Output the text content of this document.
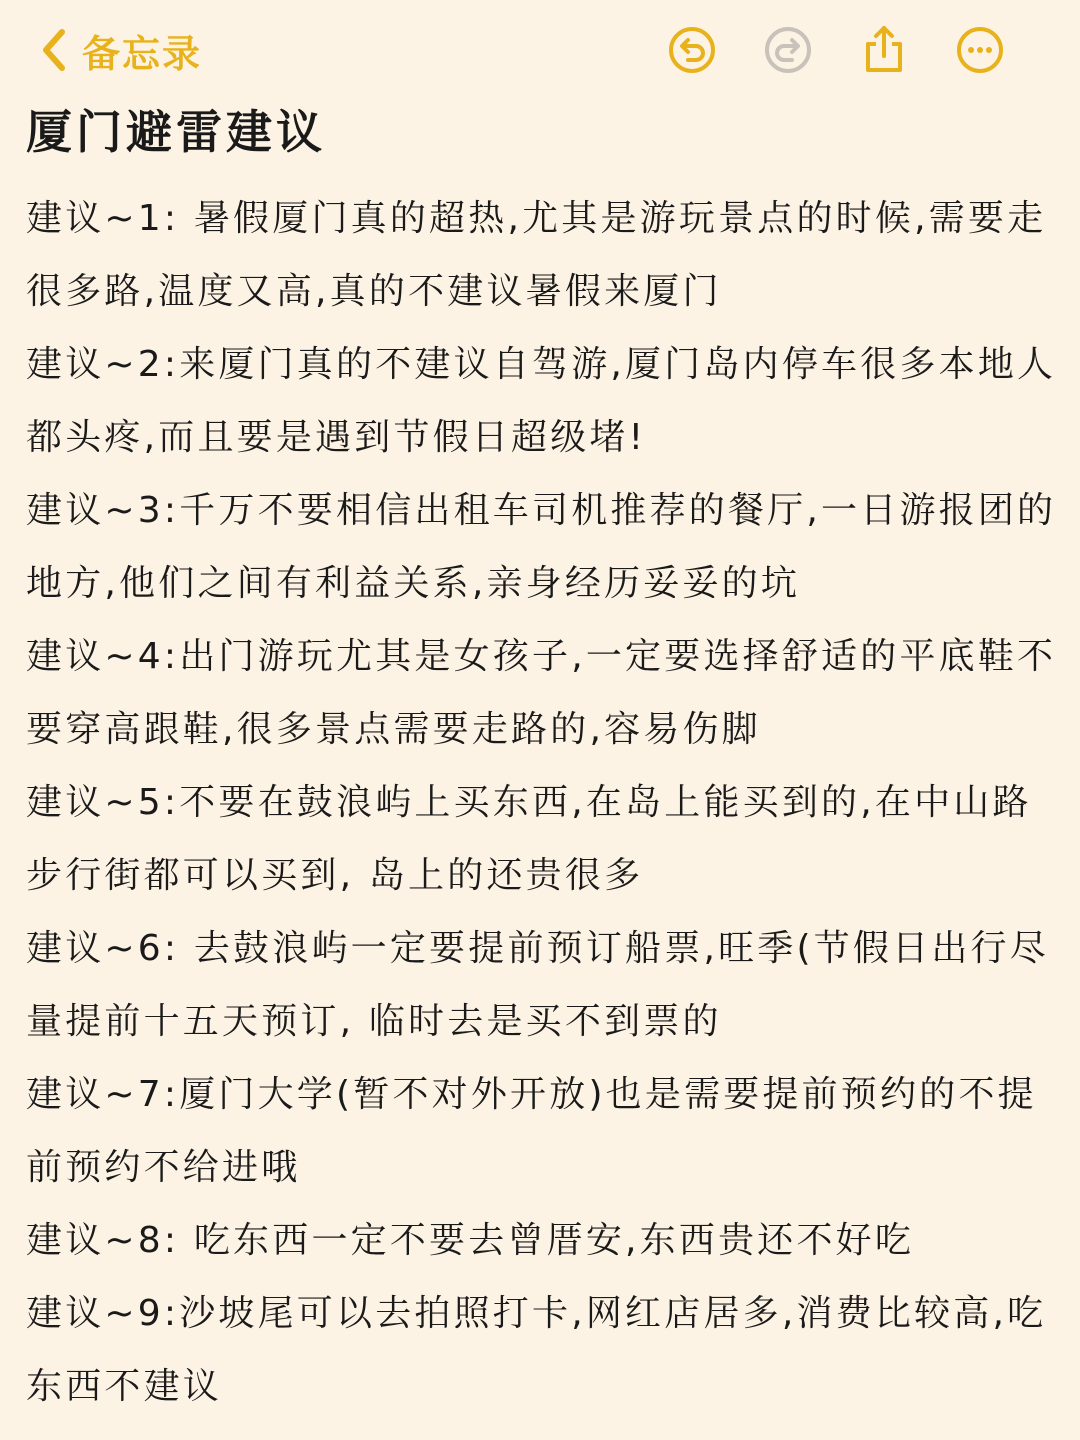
备忘录
厦门避雷建议

建议~1: 暑假厦门真的超热,尤其是游玩景点的时候,需要走很多路,温度又高,真的不建议暑假来厦门

建议~2:来厦门真的不建议自驾游,厦门岛内停车很多本地人都头疼,而且要是遇到节假日超级堵!

建议~3:千万不要相信出租车司机推荐的餐厅,一日游报团的地方,他们之间有利益关系,亲身经历妥妥的坑

建议~4:出门游玩尤其是女孩子,一定要选择舒适的平底鞋不要穿高跟鞋,很多景点需要走路的,容易伤脚

建议~5:不要在鼓浪屿上买东西,在岛上能买到的,在中山路步行街都可以买到, 岛上的还贵很多

建议~6: 去鼓浪屿一定要提前预订船票,旺季(节假日出行尽量提前十五天预订, 临时去是买不到票的

建议~7:厦门大学(暂不对外开放)也是需要提前预约的不提前预约不给进哦

建议~8: 吃东西一定不要去曾厝安,东西贵还不好吃

建议~9:沙坡尾可以去拍照打卡,网红店居多,消费比较高,吃东西不建议
